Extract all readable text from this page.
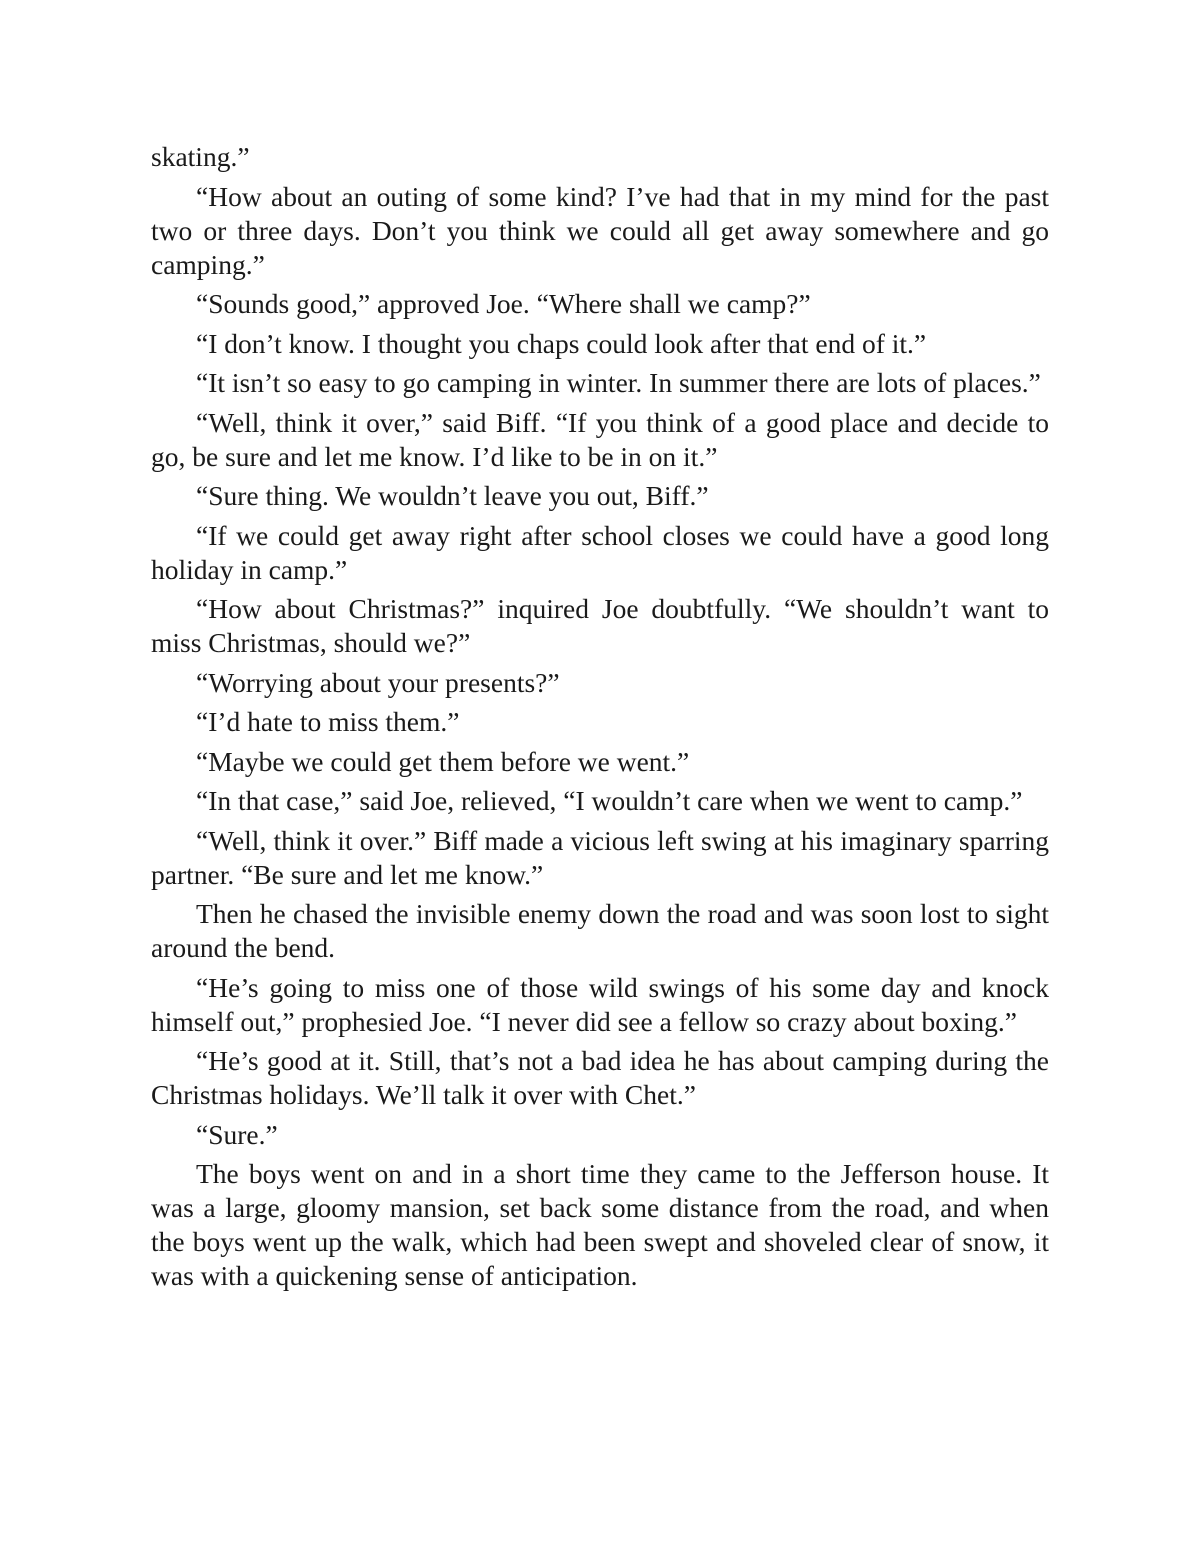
skating.”

“How about an outing of some kind? I’ve had that in my mind for the past two or three days. Don’t you think we could all get away somewhere and go camping.”

“Sounds good,” approved Joe. “Where shall we camp?”

“I don’t know. I thought you chaps could look after that end of it.”

“It isn’t so easy to go camping in winter. In summer there are lots of places.”

“Well, think it over,” said Biff. “If you think of a good place and decide to go, be sure and let me know. I’d like to be in on it.”

“Sure thing. We wouldn’t leave you out, Biff.”

“If we could get away right after school closes we could have a good long holiday in camp.”

“How about Christmas?” inquired Joe doubtfully. “We shouldn’t want to miss Christmas, should we?”

“Worrying about your presents?”

“I’d hate to miss them.”

“Maybe we could get them before we went.”

“In that case,” said Joe, relieved, “I wouldn’t care when we went to camp.”

“Well, think it over.” Biff made a vicious left swing at his imaginary sparring partner. “Be sure and let me know.”

Then he chased the invisible enemy down the road and was soon lost to sight around the bend.

“He’s going to miss one of those wild swings of his some day and knock himself out,” prophesied Joe. “I never did see a fellow so crazy about boxing.”

“He’s good at it. Still, that’s not a bad idea he has about camping during the Christmas holidays. We’ll talk it over with Chet.”

“Sure.”

The boys went on and in a short time they came to the Jefferson house. It was a large, gloomy mansion, set back some distance from the road, and when the boys went up the walk, which had been swept and shoveled clear of snow, it was with a quickening sense of anticipation.
